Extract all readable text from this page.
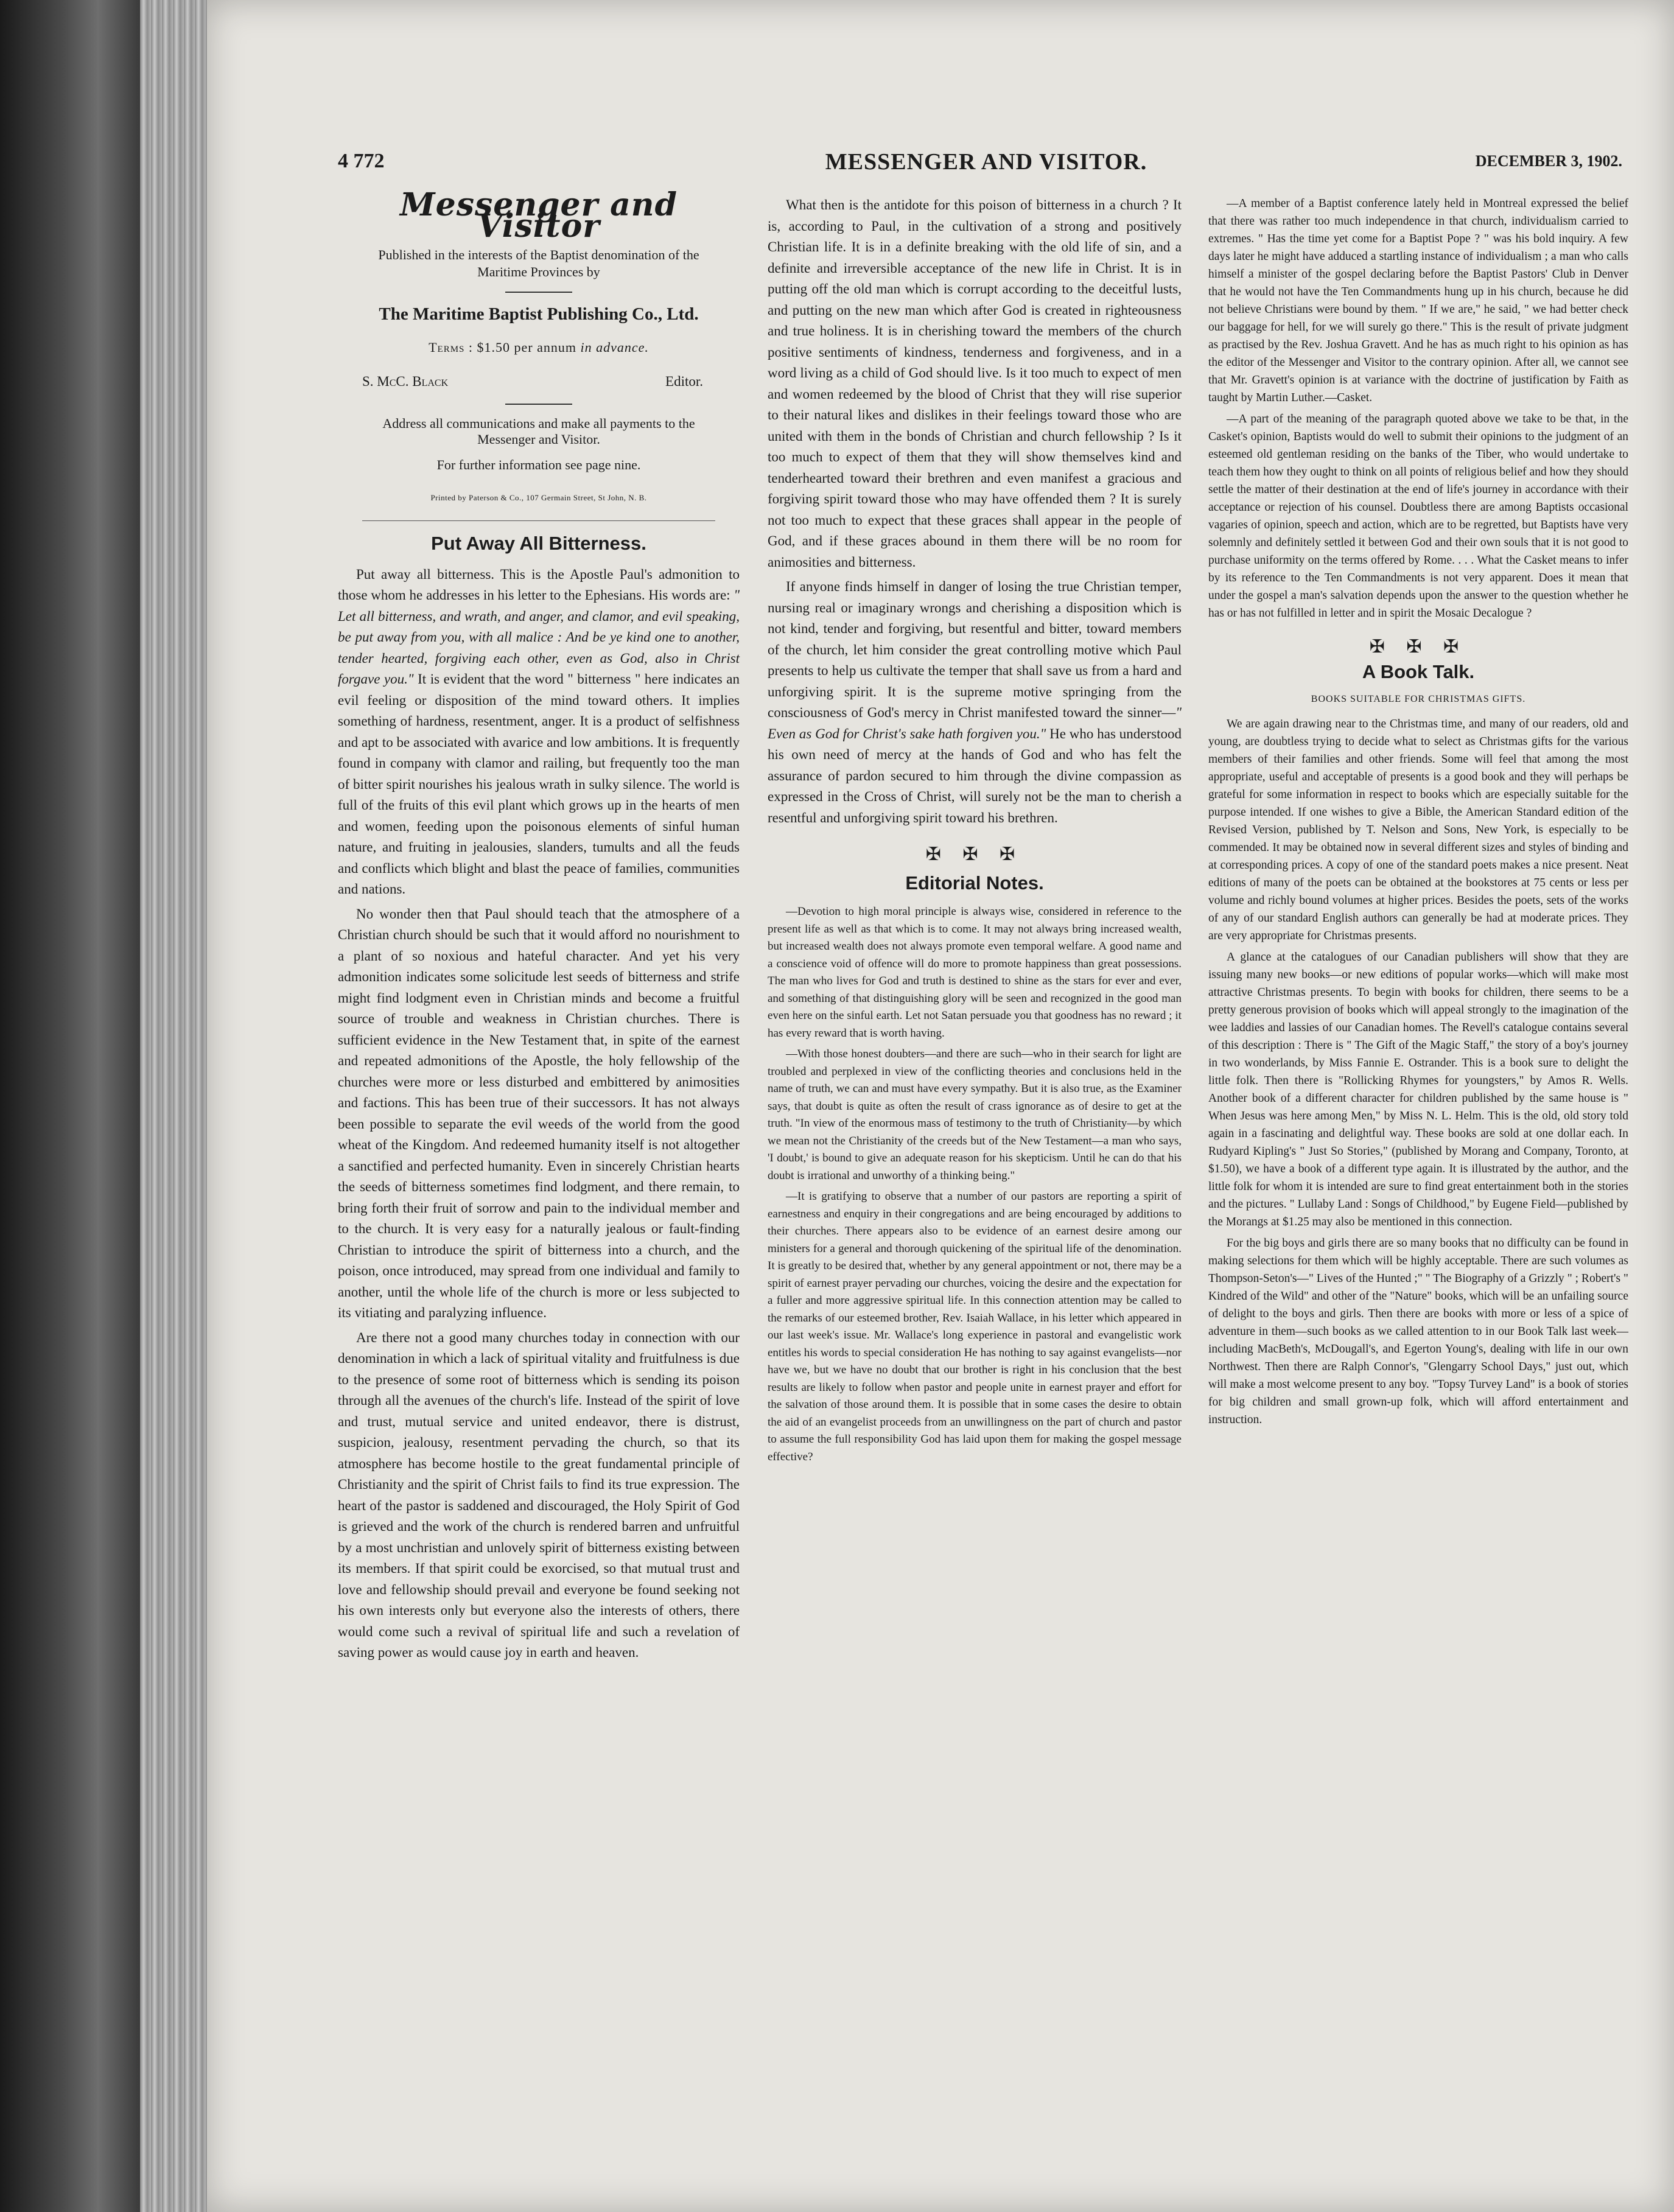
4 772	MESSENGER AND VISITOR.	DECEMBER 3, 1902.
Messenger and Visitor
Published in the interests of the Baptist denomination of the Maritime Provinces by
The Maritime Baptist Publishing Co., Ltd.
Terms : $1.50 per annum in advance.
S. McC. Black	Editor.
Address all communications and make all payments to the Messenger and Visitor.
For further information see page nine.
Printed by Paterson & Co., 107 Germain Street, St John, N. B.
Put Away All Bitterness.

Put away all bitterness. This is the Apostle Paul's admonition to those whom he addresses in his letter to the Ephesians. His words are: " Let all bitterness, and wrath, and anger, and clamor, and evil speaking, be put away from you, with all malice : And be ye kind one to another, tender hearted, forgiving each other, even as God, also in Christ forgave you." It is evident that the word " bitterness " here indicates an evil feeling or disposition of the mind toward others. It implies something of hardness, resentment, anger. It is a product of selfishness and apt to be associated with avarice and low ambitions. It is frequently found in company with clamor and railing, but frequently too the man of bitter spirit nourishes his jealous wrath in sulky silence. The world is full of the fruits of this evil plant which grows up in the hearts of men and women, feeding upon the poisonous elements of sinful human nature, and fruiting in jealousies, slanders, tumults and all the feuds and conflicts which blight and blast the peace of families, communities and nations.

No wonder then that Paul should teach that the atmosphere of a Christian church should be such that it would afford no nourishment to a plant of so noxious and hateful character. And yet his very admonition indicates some solicitude lest seeds of bitterness and strife might find lodgment even in Christian minds and become a fruitful source of trouble and weakness in Christian churches. There is sufficient evidence in the New Testament that, in spite of the earnest and repeated admonitions of the Apostle, the holy fellowship of the churches were more or less disturbed and embittered by animosities and factions. This has been true of their successors. It has not always been possible to separate the evil weeds of the world from the good wheat of the Kingdom. And redeemed humanity itself is not altogether a sanctified and perfected humanity. Even in sincerely Christian hearts the seeds of bitterness sometimes find lodgment, and there remain, to bring forth their fruit of sorrow and pain to the individual member and to the church. It is very easy for a naturally jealous or fault-finding Christian to introduce the spirit of bitterness into a church, and the poison, once introduced, may spread from one individual and family to another, until the whole life of the church is more or less subjected to its vitiating and paralyzing influence.

Are there not a good many churches today in connection with our denomination in which a lack of spiritual vitality and fruitfulness is due to the presence of some root of bitterness which is sending its poison through all the avenues of the church's life. Instead of the spirit of love and trust, mutual service and united endeavor, there is distrust, suspicion, jealousy, resentment pervading the church, so that its atmosphere has become hostile to the great fundamental principle of Christianity and the spirit of Christ fails to find its true expression. The heart of the pastor is saddened and discouraged, the Holy Spirit of God is grieved and the work of the church is rendered barren and unfruitful by a most unchristian and unlovely spirit of bitterness existing between its members. If that spirit could be exorcised, so that mutual trust and love and fellowship should prevail and everyone be found seeking not his own interests only but everyone also the interests of others, there would come such a revival of spiritual life and such a revelation of saving power as would cause joy in earth and heaven.

What then is the antidote for this poison of bitterness in a church ? It is, according to Paul, in the cultivation of a strong and positively Christian life. It is in a definite breaking with the old life of sin, and a definite and irreversible acceptance of the new life in Christ. It is in putting off the old man which is corrupt according to the deceitful lusts, and putting on the new man which after God is created in righteousness and true holiness. It is in cherishing toward the members of the church positive sentiments of kindness, tenderness and forgiveness, and in a word living as a child of God should live. Is it too much to expect of men and women redeemed by the blood of Christ that they will rise superior to their natural likes and dislikes in their feelings toward those who are united with them in the bonds of Christian and church fellowship ? Is it too much to expect of them that they will show themselves kind and tenderhearted toward their brethren and even manifest a gracious and forgiving spirit toward those who may have offended them ? It is surely not too much to expect that these graces shall appear in the people of God, and if these graces abound in them there will be no room for animosities and bitterness.

If anyone finds himself in danger of losing the true Christian temper, nursing real or imaginary wrongs and cherishing a disposition which is not kind, tender and forgiving, but resentful and bitter, toward members of the church, let him consider the great controlling motive which Paul presents to help us cultivate the temper that shall save us from a hard and unforgiving spirit. It is the supreme motive springing from the consciousness of God's mercy in Christ manifested toward the sinner—" Even as God for Christ's sake hath forgiven you." He who has understood his own need of mercy at the hands of God and who has felt the assurance of pardon secured to him through the divine compassion as expressed in the Cross of Christ, will surely not be the man to cherish a resentful and unforgiving spirit toward his brethren.

✠ ✠ ✠
Editorial Notes.

—Devotion to high moral principle is always wise, considered in reference to the present life as well as that which is to come. It may not always bring increased wealth, but increased wealth does not always promote even temporal welfare. A good name and a conscience void of offence will do more to promote happiness than great possessions. The man who lives for God and truth is destined to shine as the stars for ever and ever, and something of that distinguishing glory will be seen and recognized in the good man even here on the sinful earth. Let not Satan persuade you that goodness has no reward ; it has every reward that is worth having.

—With those honest doubters—and there are such—who in their search for light are troubled and perplexed in view of the conflicting theories and conclusions held in the name of truth, we can and must have every sympathy. But it is also true, as the Examiner says, that doubt is quite as often the result of crass ignorance as of desire to get at the truth. "In view of the enormous mass of testimony to the truth of Christianity—by which we mean not the Christianity of the creeds but of the New Testament—a man who says, 'I doubt,' is bound to give an adequate reason for his skepticism. Until he can do that his doubt is irrational and unworthy of a thinking being."

—It is gratifying to observe that a number of our pastors are reporting a spirit of earnestness and enquiry in their congregations and are being encouraged by additions to their churches. There appears also to be evidence of an earnest desire among our ministers for a general and thorough quickening of the spiritual life of the denomination. It is greatly to be desired that, whether by any general appointment or not, there may be a spirit of earnest prayer pervading our churches, voicing the desire and the expectation for a fuller and more aggressive spiritual life. In this connection attention may be called to the remarks of our esteemed brother, Rev. Isaiah Wallace, in his letter which appeared in our last week's issue. Mr. Wallace's long experience in pastoral and evangelistic work entitles his words to special consideration He has nothing to say against evangelists—nor have we, but we have no doubt that our brother is right in his conclusion that the best results are likely to follow when pastor and people unite in earnest prayer and effort for the salvation of those around them. It is possible that in some cases the desire to obtain the aid of an evangelist proceeds from an unwillingness on the part of church and pastor to assume the full responsibility God has laid upon them for making the gospel message effective?

—A member of a Baptist conference lately held in Montreal expressed the belief that there was rather too much independence in that church, individualism carried to extremes. " Has the time yet come for a Baptist Pope ? " was his bold inquiry. A few days later he might have adduced a startling instance of individualism ; a man who calls himself a minister of the gospel declaring before the Baptist Pastors' Club in Denver that he would not have the Ten Commandments hung up in his church, because he did not believe Christians were bound by them. " If we are," he said, " we had better check our baggage for hell, for we will surely go there." This is the result of private judgment as practised by the Rev. Joshua Gravett. And he has as much right to his opinion as has the editor of the Messenger and Visitor to the contrary opinion. After all, we cannot see that Mr. Gravett's opinion is at variance with the doctrine of justification by Faith as taught by Martin Luther.—Casket.

—A part of the meaning of the paragraph quoted above we take to be that, in the Casket's opinion, Baptists would do well to submit their opinions to the judgment of an esteemed old gentleman residing on the banks of the Tiber, who would undertake to teach them how they ought to think on all points of religious belief and how they should settle the matter of their destination at the end of life's journey in accordance with their acceptance or rejection of his counsel. Doubtless there are among Baptists occasional vagaries of opinion, speech and action, which are to be regretted, but Baptists have very solemnly and definitely settled it between God and their own souls that it is not good to purchase uniformity on the terms offered by Rome. . . . What the Casket means to infer by its reference to the Ten Commandments is not very apparent. Does it mean that under the gospel a man's salvation depends upon the answer to the question whether he has or has not fulfilled in letter and in spirit the Mosaic Decalogue ?

✠ ✠ ✠
A Book Talk.
BOOKS SUITABLE FOR CHRISTMAS GIFTS.

We are again drawing near to the Christmas time, and many of our readers, old and young, are doubtless trying to decide what to select as Christmas gifts for the various members of their families and other friends. Some will feel that among the most appropriate, useful and acceptable of presents is a good book and they will perhaps be grateful for some information in respect to books which are especially suitable for the purpose intended. If one wishes to give a Bible, the American Standard edition of the Revised Version, published by T. Nelson and Sons, New York, is especially to be commended. It may be obtained now in several different sizes and styles of binding and at corresponding prices. A copy of one of the standard poets makes a nice present. Neat editions of many of the poets can be obtained at the bookstores at 75 cents or less per volume and richly bound volumes at higher prices. Besides the poets, sets of the works of any of our standard English authors can generally be had at moderate prices. They are very appropriate for Christmas presents.

A glance at the catalogues of our Canadian publishers will show that they are issuing many new books—or new editions of popular works—which will make most attractive Christmas presents. To begin with books for children, there seems to be a pretty generous provision of books which will appeal strongly to the imagination of the wee laddies and lassies of our Canadian homes. The Revell's catalogue contains several of this description : There is " The Gift of the Magic Staff," the story of a boy's journey in two wonderlands, by Miss Fannie E. Ostrander. This is a book sure to delight the little folk. Then there is "Rollicking Rhymes for youngsters," by Amos R. Wells. Another book of a different character for children published by the same house is " When Jesus was here among Men," by Miss N. L. Helm. This is the old, old story told again in a fascinating and delightful way. These books are sold at one dollar each. In Rudyard Kipling's " Just So Stories," (published by Morang and Company, Toronto, at $1.50), we have a book of a different type again. It is illustrated by the author, and the little folk for whom it is intended are sure to find great entertainment both in the stories and the pictures. " Lullaby Land : Songs of Childhood," by Eugene Field—published by the Morangs at $1.25 may also be mentioned in this connection.

For the big boys and girls there are so many books that no difficulty can be found in making selections for them which will be highly acceptable. There are such volumes as Thompson-Seton's—" Lives of the Hunted ;" " The Biography of a Grizzly " ; Robert's " Kindred of the Wild" and other of the "Nature" books, which will be an unfailing source of delight to the boys and girls. Then there are books with more or less of a spice of adventure in them—such books as we called attention to in our Book Talk last week—including MacBeth's, McDougall's, and Egerton Young's, dealing with life in our own Northwest. Then there are Ralph Connor's, "Glengarry School Days," just out, which will make a most welcome present to any boy. "Topsy Turvey Land" is a book of stories for big children and small grown-up folk, which will afford entertainment and instruction.
